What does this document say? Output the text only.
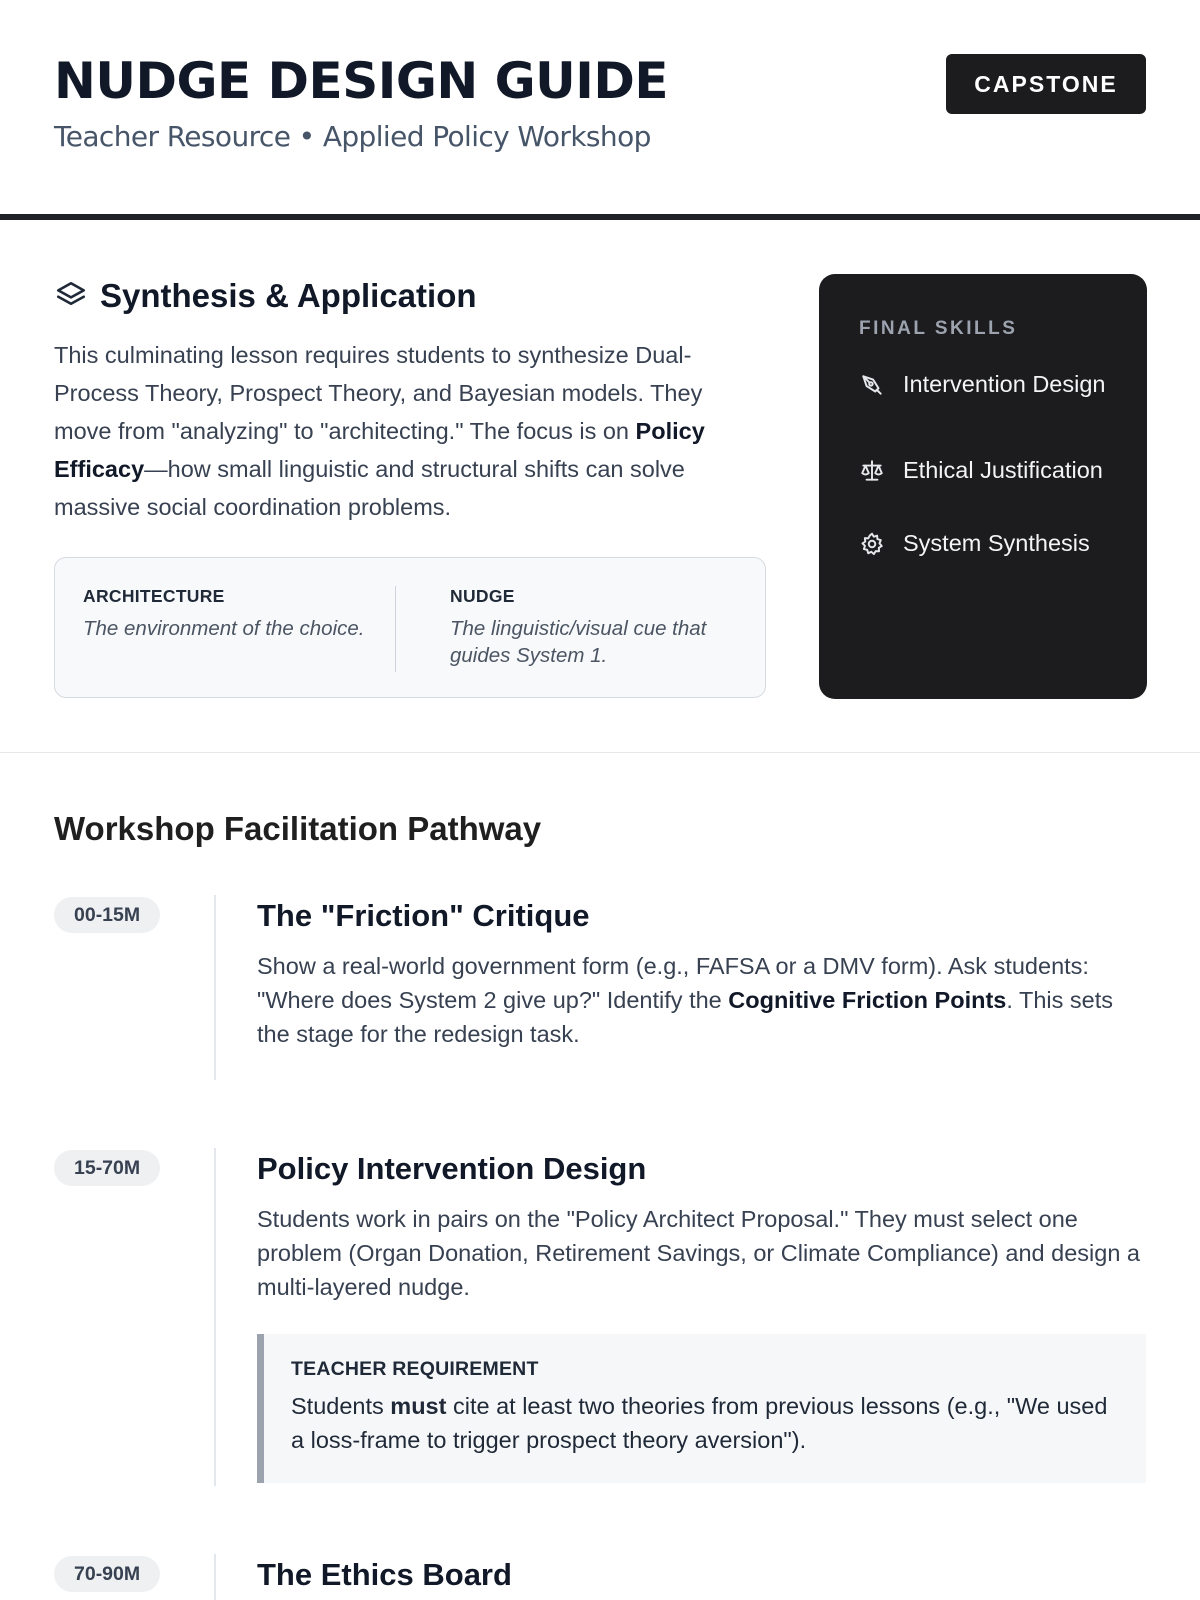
NUDGE DESIGN GUIDE
Teacher Resource • Applied Policy Workshop
CAPSTONE
Synthesis & Application

This culminating lesson requires students to synthesize Dual-Process Theory, Prospect Theory, and Bayesian models. They move from "analyzing" to "architecting." The focus is on Policy Efficacy—how small linguistic and structural shifts can solve massive social coordination problems.

ARCHITECTURE
The environment of the choice.
NUDGE
The linguistic/visual cue that guides System 1.
FINAL SKILLS
Intervention Design
Ethical Justification
System Synthesis
Workshop Facilitation Pathway
00-15M	The "Friction" Critique

Show a real-world government form (e.g., FAFSA or a DMV form). Ask students: "Where does System 2 give up?" Identify the Cognitive Friction Points. This sets the stage for the redesign task.

15-70M	Policy Intervention Design

Students work in pairs on the "Policy Architect Proposal." They must select one problem (Organ Donation, Retirement Savings, or Climate Compliance) and design a multi-layered nudge.

TEACHER REQUIREMENT

Students must cite at least two theories from previous lessons (e.g., "We used a loss-frame to trigger prospect theory aversion").

70-90M	The Ethics Board
